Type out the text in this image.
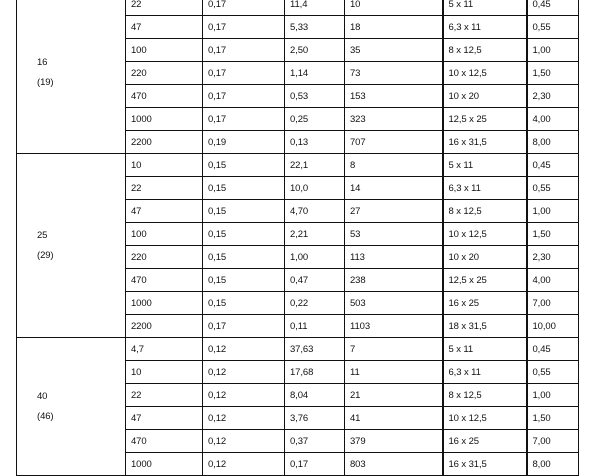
16
(19)	22	0,17	11,4	10	5 x 11	0,45
	47	0,17	5,33	18	6,3 x 11	0,55
	100	0,17	2,50	35	8 x 12,5	1,00
	220	0,17	1,14	73	10 x 12,5	1,50
	470	0,17	0,53	153	10 x 20	2,30
	1000	0,17	0,25	323	12,5 x 25	4,00
	2200	0,19	0,13	707	16 x 31,5	8,00

25
(29)	10	0,15	22,1	8	5 x 11	0,45
	22	0,15	10,0	14	6,3 x 11	0,55
	47	0,15	4,70	27	8 x 12,5	1,00
	100	0,15	2,21	53	10 x 12,5	1,50
	220	0,15	1,00	113	10 x 20	2,30
	470	0,15	0,47	238	12,5 x 25	4,00
	1000	0,15	0,22	503	16 x 25	7,00
	2200	0,17	0,11	1103	18 x 31,5	10,00

40
(46)	4,7	0,12	37,63	7	5 x 11	0,45
	10	0,12	17,68	11	6,3 x 11	0,55
	22	0,12	8,04	21	8 x 12,5	1,00
	47	0,12	3,76	41	10 x 12,5	1,50
	470	0,12	0,37	379	16 x 25	7,00
	1000	0,12	0,17	803	16 x 31,5	8,00
